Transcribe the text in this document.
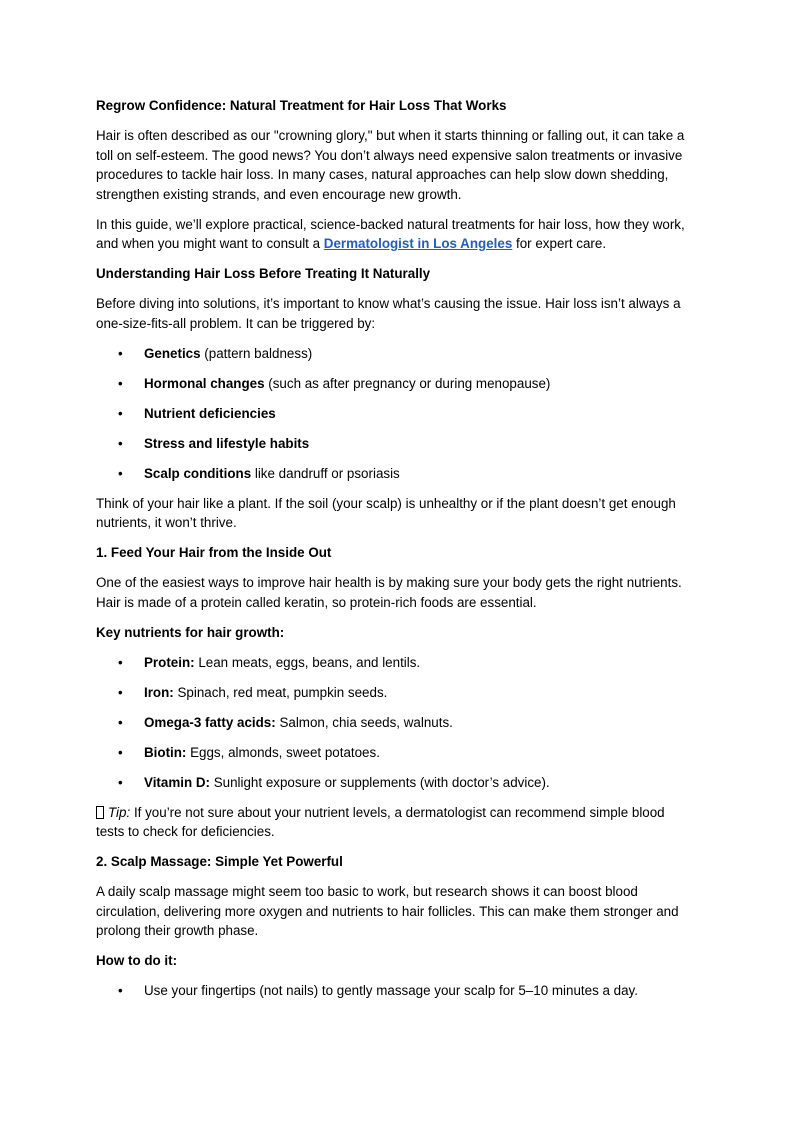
Regrow Confidence: Natural Treatment for Hair Loss That Works

Hair is often described as our "crowning glory," but when it starts thinning or falling out, it can take a toll on self-esteem. The good news? You don’t always need expensive salon treatments or invasive procedures to tackle hair loss. In many cases, natural approaches can help slow down shedding, strengthen existing strands, and even encourage new growth.

In this guide, we’ll explore practical, science-backed natural treatments for hair loss, how they work, and when you might want to consult a Dermatologist in Los Angeles for expert care.

Understanding Hair Loss Before Treating It Naturally

Before diving into solutions, it’s important to know what’s causing the issue. Hair loss isn’t always a one-size-fits-all problem. It can be triggered by:

• Genetics (pattern baldness)
• Hormonal changes (such as after pregnancy or during menopause)
• Nutrient deficiencies
• Stress and lifestyle habits
• Scalp conditions like dandruff or psoriasis

Think of your hair like a plant. If the soil (your scalp) is unhealthy or if the plant doesn’t get enough nutrients, it won’t thrive.

1. Feed Your Hair from the Inside Out

One of the easiest ways to improve hair health is by making sure your body gets the right nutrients. Hair is made of a protein called keratin, so protein-rich foods are essential.

Key nutrients for hair growth:

• Protein: Lean meats, eggs, beans, and lentils.
• Iron: Spinach, red meat, pumpkin seeds.
• Omega-3 fatty acids: Salmon, chia seeds, walnuts.
• Biotin: Eggs, almonds, sweet potatoes.
• Vitamin D: Sunlight exposure or supplements (with doctor’s advice).

Tip: If you’re not sure about your nutrient levels, a dermatologist can recommend simple blood tests to check for deficiencies.

2. Scalp Massage: Simple Yet Powerful

A daily scalp massage might seem too basic to work, but research shows it can boost blood circulation, delivering more oxygen and nutrients to hair follicles. This can make them stronger and prolong their growth phase.

How to do it:

• Use your fingertips (not nails) to gently massage your scalp for 5–10 minutes a day.
